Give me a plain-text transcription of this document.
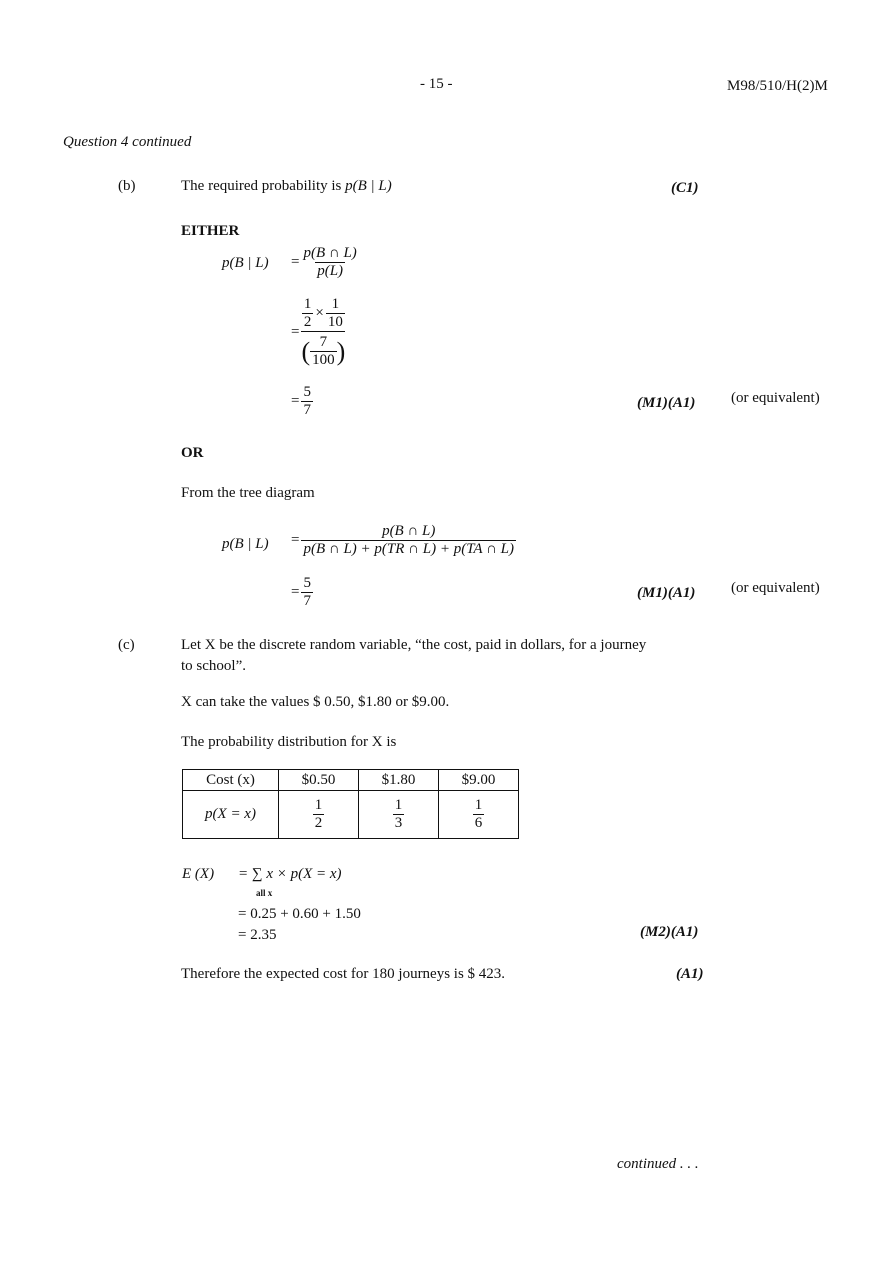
- 15 -	M98/510/H(2)M
Question 4 continued
(b)	The required probability is p(B | L)	(C1)
EITHER
p(B | $L) = \frac{p(B \cap L)}{p(L)}$
= $\frac{\frac{1}{2} \times \frac{1}{10}}{( \frac{7}{100} )}$
= $\frac{5}{7}$	(M1)(A1) (or equivalent)
OR
From the tree diagram
p(B | $L) = \frac{p(B \cap L)}{p(B \cap L) + p(TR \cap L) + p(TA \cap L)}$
= $\frac{5}{7}$	(M1)(A1) (or equivalent)
(c)	Let X be the discrete random variable, “the cost, paid in dollars, for a journey
to school”.
X can take the values $ 0.50, $1.80 or $9.00.
The probability distribution for X is
Cost (x)	$0.50	$1.80	$9.00
p(X = x)	$\frac{1}{2}$	$\frac{1}{3}$	$\frac{1}{6}$
E (X) = ∑ x × p(X = x)
all x
= 0.25 + 0.60 + 1.50
= 2.35	(M2)(A1)
Therefore the expected cost for 180 journeys is $ 423.	(A1)
continued . . .
